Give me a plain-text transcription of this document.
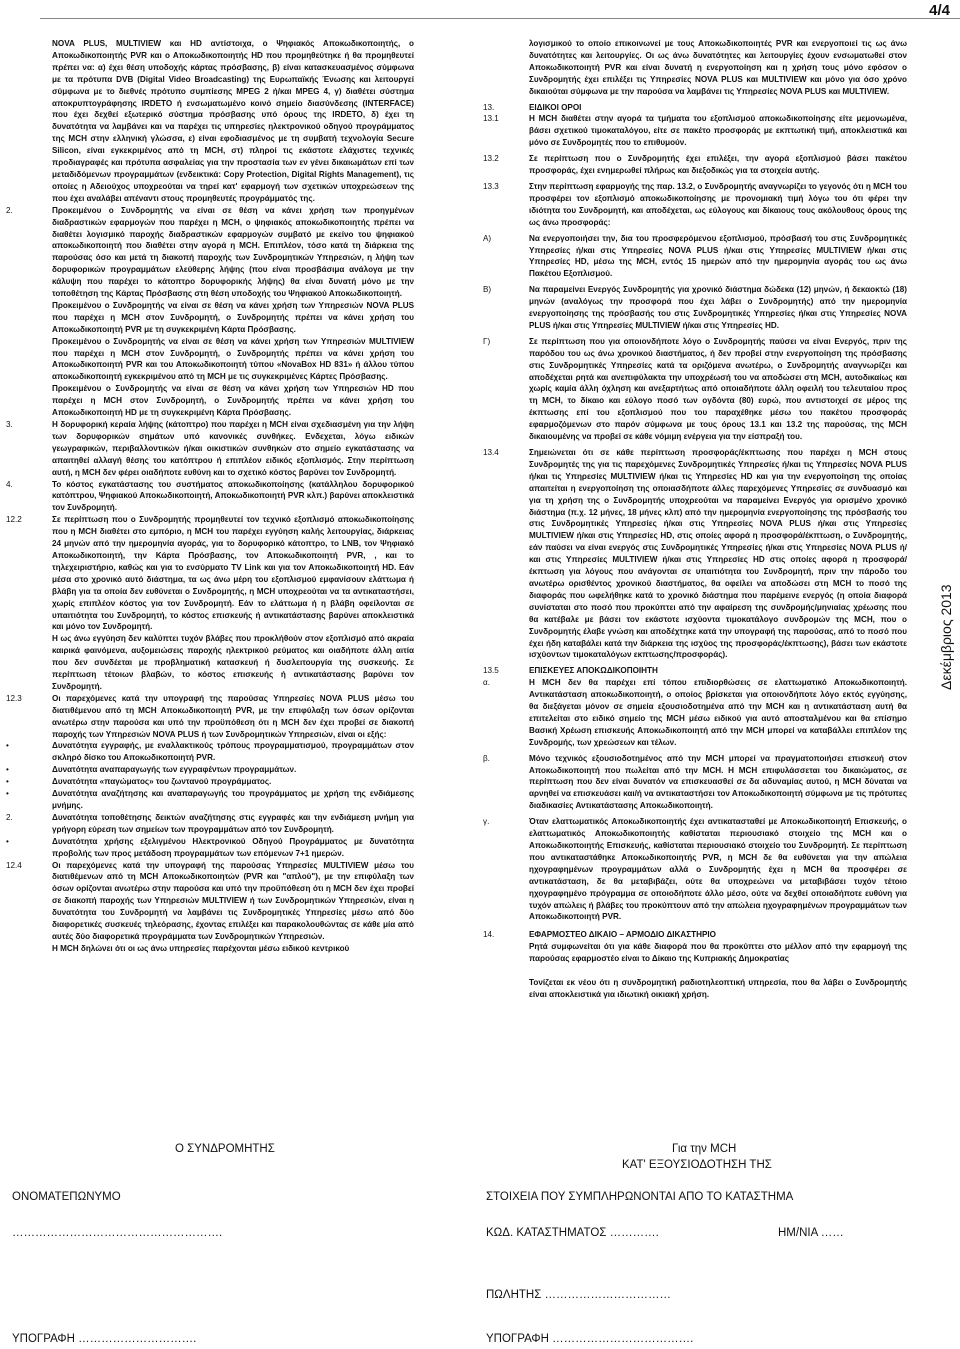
4/4
Δεκέμβριος 2013
NOVA PLUS, MULTIVIEW και HD αντίστοιχα, ο Ψηφιακός Αποκωδικοποιητής, ο Αποκωδικοποιητής PVR και ο Αποκωδικοποιητής HD που προμηθεύτηκε ή θα προμηθευτεί πρέπει να: α) έχει θέση υποδοχής κάρτας πρόσβασης, β) είναι κατασκευασμένος σύμφωνα με τα πρότυπα DVB (Digital Video Broadcasting) της Ευρωπαϊκής Ένωσης και λειτουργεί σύμφωνα με το διεθνές πρότυπο συμπίεσης MPEG 2 ή/και MPEG 4, γ) διαθέτει σύστημα αποκρυπτογράφησης IRDETO ή ενσωματωμένο κοινό σημείο διασύνδεσης (INTERFACE) που έχει δεχθεί εξωτερικό σύστημα πρόσβασης υπό όρους της IRDETO, δ) έχει τη δυνατότητα να λαμβάνει και να παρέχει τις υπηρεσίες ηλεκτρονικού οδηγού προγράμματος της MCH στην ελληνική γλώσσα, ε) είναι εφοδιασμένος με τη συμβατή τεχνολογία Secure Silicon, είναι εγκεκριμένος από τη MCH, στ) πληροί τις εκάστοτε ελάχιστες τεχνικές προδιαγραφές και πρότυπα ασφαλείας για την προστασία των εν γένει δικαιωμάτων επί των μεταδιδόμενων προγραμμάτων (ενδεικτικά: Copy Protection, Digital Rights Management), τις οποίες η Αδειούχος υποχρεούται να τηρεί κατ' εφαρμογή των σχετικών υποχρεώσεων της που έχει αναλάβει απέναντι στους προμηθευτές προγράμματός της.
2.	Προκειμένου ο Συνδρομητής να είναι σε θέση να κάνει χρήση των προηγμένων διαδραστικών εφαρμογών που παρέχει η MCH, ο ψηφιακός αποκωδικοποιητής πρέπει να διαθέτει λογισμικό παροχής διαδραστικών εφαρμογών συμβατό με εκείνο του ψηφιακού αποκωδικοποιητή που διαθέτει στην αγορά η MCH. Επιπλέον, τόσο κατά τη διάρκεια της παρούσας όσο και μετά τη διακοπή παροχής των Συνδρομητικών Υπηρεσιών, η λήψη των δορυφορικών προγραμμάτων ελεύθερης λήψης (που είναι προσβάσιμα ανάλογα με την κάλυψη που παρέχει το κάτοπτρο δορυφορικής λήψης) θα είναι δυνατή μόνο με την τοποθέτηση της Κάρτας Πρόσβασης στη θέση υποδοχής του Ψηφιακού Αποκωδικοποιητή.
Προκειμένου ο Συνδρομητής να είναι σε θέση να κάνει χρήση των Υπηρεσιών NOVA PLUS που παρέχει η MCH στον Συνδρομητή, ο Συνδρομητής πρέπει να κάνει χρήση του Αποκωδικοποιητή PVR με τη συγκεκριμένη Κάρτα Πρόσβασης.
Προκειμένου ο Συνδρομητής να είναι σε θέση να κάνει χρήση των Υπηρεσιών MULTIVIEW που παρέχει η MCH στον Συνδρομητή, ο Συνδρομητής πρέπει να κάνει χρήση του Αποκωδικοποιητή PVR και του Αποκωδικοποιητή τύπου «NovaBox HD 831» ή άλλου τύπου αποκωδικοποιητή εγκεκριμένου από τη MCH με τις συγκεκριμένες Κάρτες Πρόσβασης.
Προκειμένου ο Συνδρομητής να είναι σε θέση να κάνει χρήση των Υπηρεσιών HD που παρέχει η MCH στον Συνδρομητή, ο Συνδρομητής πρέπει να κάνει χρήση του Αποκωδικοποιητή HD με τη συγκεκριμένη Κάρτα Πρόσβασης.
3.	Η δορυφορική κεραία λήψης (κάτοπτρο) που παρέχει η MCH είναι σχεδιασμένη για την λήψη των δορυφορικών σημάτων υπό κανονικές συνθήκες. Ενδεχεται, λόγω ειδικών γεωγραφικών, περιβαλλοντικών ή/και οικιστικών συνθηκών στο σημείο εγκατάστασης να απαιτηθεί αλλαγή θέσης του κατόπτρου ή επιπλέον ειδικός εξοπλισμός. Στην περίπτωση αυτή, η MCH δεν φέρει οιαδήποτε ευθύνη και το σχετικό κόστος βαρύνει τον Συνδρομητή.
4.	Το κόστος εγκατάστασης του συστήματος αποκωδικοποίησης (κατάλληλου δορυφορικού κατόπτρου, Ψηφιακού Αποκωδικοποιητή, Αποκωδικοποιητή PVR κλπ.) βαρύνει αποκλειστικά τον Συνδρομητή.
12.2	Σε περίπτωση που ο Συνδρομητής προμηθευτεί τον τεχνικό εξοπλισμό αποκωδικοποίησης που η MCH διαθέτει στο εμπόριο, η MCH του παρέχει εγγύηση καλής λειτουργίας, διάρκειας 24 μηνών από την ημερομηνία αγοράς, για το δορυφορικό κάτοπτρο, το LNB, τον Ψηφιακό Αποκωδικοποιητή, την Κάρτα Πρόσβασης, τον Αποκωδικοποιητή PVR, , και το τηλεχειριστήριο, καθώς και για το ενσύρματο TV Link και για τον Αποκωδικοποιητή HD. Εάν μέσα στο χρονικό αυτό διάστημα, τα ως άνω μέρη του εξοπλισμού εμφανίσουν ελάττωμα ή βλάβη για τα οποία δεν ευθύνεται ο Συνδρομητής, η MCH υποχρεούται να τα αντικαταστήσει, χωρίς επιπλέον κόστος για τον Συνδρομητή. Εάν το ελάττωμα ή η βλάβη οφείλονται σε υπαιτιότητα του Συνδρομητή, το κόστος επισκευής ή αντικατάστασης βαρύνει αποκλειστικά και μόνο τον Συνδρομητή.
Η ως άνω εγγύηση δεν καλύπτει τυχόν βλάβες που προκλήθούν στον εξοπλισμό από ακραία καιρικά φαινόμενα, αυξομειώσεις παροχής ηλεκτρικού ρεύματος και οιαδήποτε άλλη αιτία που δεν συνδέεται με προβληματική κατασκευή ή δυσλειτουργία της συσκευής. Σε περίπτωση τέτοιων βλαβών, το κόστος επισκευής ή αντικατάστασης βαρύνει τον Συνδρομητή.
12.3	Οι παρεχόμενες κατά την υπογραφή της παρούσας Υπηρεσίες NOVA PLUS μέσω του διατιθέμενου από τη MCH Αποκωδικοποιητή PVR, με την επιφύλαξη των όσων ορίζονται ανωτέρω στην παρούσα και υπό την προϋπόθεση ότι η MCH δεν έχει προβεί σε διακοπή παροχής των Υπηρεσιών NOVA PLUS ή των Συνδρομητικών Υπηρεσιών, είναι οι εξής:
•
Δυνατότητα εγγραφής, με εναλλακτικούς τρόπους προγραμματισμού, προγραμμάτων στον σκληρό δίσκο του Αποκωδικοποιητή PVR.
•
Δυνατότητα αναπαραγωγής των εγγραφέντων προγραμμάτων.
•
Δυνατότητα «παγώματος» του ζωντανού προγράμματος.
•
Δυνατότητα αναζήτησης και αναπαραγωγής του προγράμματος με χρήση της ενδιάμεσης μνήμης.
2.	Δυνατότητα τοποθέτησης δεικτών αναζήτησης στις εγγραφές και την ενδιάμεση μνήμη για γρήγορη εύρεση των σημείων των προγραμμάτων από τον Συνδρομητή.
•
Δυνατότητα χρήσης εξελιγμένου Ηλεκτρονικού Οδηγού Προγράμματος με δυνατότητα προβολής των προς μετάδοση προγραμμάτων των επόμενων 7+1 ημερών.
12.4	Οι παρεχόμενες κατά την υπογραφή της παρούσας Υπηρεσίες MULTIVIEW μέσω του διατιθέμενων από τη MCH Αποκωδικοποιητών (PVR και "απλού"), με την επιφύλαξη των όσων ορίζονται ανωτέρω στην παρούσα και υπό την προϋπόθεση ότι η MCH δεν έχει προβεί σε διακοπή παροχής των Υπηρεσιών MULTIVIEW ή των Συνδρομητικών Υπηρεσιών, είναι η δυνατότητα του Συνδρομητή να λαμβάνει τις Συνδρομητικές Υπηρεσίες μέσω από δύο διαφορετικές συσκευές τηλεόρασης, έχοντας επιλέξει και παρακολουθώντας σε κάθε μία από αυτές δύο διαφορετικά προγράμματα των Συνδρομητικών Υπηρεσιών.
Η MCH δηλώνει ότι οι ως άνω υπηρεσίες παρέχονται μέσω ειδικού κεντρικού
λογισμικού το οποίο επικοινωνεί με τους Αποκωδικοποιητές PVR και ενεργοποιεί τις ως άνω δυνατότητες και λειτουργίες. Οι ως άνω δυνατότητες και λειτουργίες έχουν ενσωματωθεί στον Αποκωδικοποιητή PVR και είναι δυνατή η ενεργοποίηση και η χρήση τους μόνο εφόσον ο Συνδρομητής έχει επιλέξει τις Υπηρεσίες NOVA PLUS και MULTIVIEW και μόνο για όσο χρόνο δικαιούται σύμφωνα με την παρούσα να λαμβάνει τις Υπηρεσίες NOVA PLUS και MULTIVIEW.
13.	ΕΙΔΙΚΟΙ ΟΡΟΙ
13.1	Η MCH διαθέτει στην αγορά τα τμήματα του εξοπλισμού αποκωδικοποίησης είτε μεμονωμένα, βάσει σχετικού τιμοκαταλόγου, είτε σε πακέτο προσφοράς με εκπτωτική τιμή, αποκλειστικά και μόνο σε Συνδρομητές που το επιθυμούν.
13.2	Σε περίπτωση που ο Συνδρομητής έχει επιλέξει, την αγορά εξοπλισμού βάσει πακέτου προσφοράς, έχει ενημερωθεί πλήρως και διεξοδικώς για τα στοιχεία αυτής.
13.3	Στην περίπτωση εφαρμογής της παρ. 13.2, ο Συνδρομητής αναγνωρίζει το γεγονός ότι η MCH του προσφέρει τον εξοπλισμό αποκωδικοποίησης με προνομιακή τιμή λόγω του ότι φέρει την ιδιότητα του Συνδρομητή, και αποδέχεται, ως εύλογους και δίκαιους τους ακόλουθους όρους της ως άνω προσφοράς:
Α)	Να ενεργοποιήσει την, δια του προσφερόμενου εξοπλισμού, πρόσβασή του στις Συνδρομητικές Υπηρεσίες ή/και στις Υπηρεσίες NOVA PLUS ή/και στις Υπηρεσίες MULTIVIEW ή/και στις Υπηρεσίες HD, μέσω της MCH, εντός 15 ημερών από την ημερομηνία αγοράς του ως άνω Πακέτου Εξοπλισμού.
Β)	Να παραμείνει Ενεργός Συνδρομητής για χρονικό διάστημα δώδεκα (12) μηνών, ή δεκαοκτώ (18) μηνών (αναλόγως την προσφορά που έχει λάβει ο Συνδρομητής) από την ημερομηνία ενεργοποίησης της πρόσβασής του στις Συνδρομητικές Υπηρεσίες ή/και στις Υπηρεσίες NOVA PLUS ή/και στις Υπηρεσίες MULTIVIEW ή/και στις Υπηρεσίες HD.
Γ)	Σε περίπτωση που για οποιονδήποτε λόγο ο Συνδρομητής παύσει να είναι Ενεργός, πριν της παρόδου του ως άνω χρονικού διαστήματος, ή δεν προβεί στην ενεργοποίηση της πρόσβασης στις Συνδρομητικές Υπηρεσίες κατά τα οριζόμενα ανωτέρω, ο Συνδρομητής αναγνωρίζει και αποδέχεται ρητά και ανεπιφύλακτα την υποχρέωσή του να αποδώσει στη MCH, αυτοδικαίως και χωρίς καμία άλλη όχληση και ανεξαρτήτως από οποιαδήποτε άλλη οφειλή του τελευταίου προς τη MCH, το δίκαιο και εύλογο ποσό των ογδόντα (80) ευρώ, που αντιστοιχεί σε μέρος της έκπτωσης επί του εξοπλισμού που του παραχέθηκε μέσω του πακέτου προσφοράς εφαρμοζόμενων στο παρόν σύμφωνα με τους όρους 13.1 και 13.2 της παρούσας, της MCH δικαιουμένης να προβεί σε κάθε νόμιμη ενέργεια για την είσπραξή του.
13.4	Σημειώνεται ότι σε κάθε περίπτωση προσφοράς/έκπτωσης που παρέχει η MCH στους Συνδρομητές της για τις παρεχόμενες Συνδρομητικές Υπηρεσίες ή/και τις Υπηρεσίες NOVA PLUS ή/και τις Υπηρεσίες MULTIVIEW ή/και τις Υπηρεσίες HD και για την ενεργοποίηση της οποίας απαιτείται η ενεργοποίηση της οποιασδήποτε άλλες παρεχόμενες Υπηρεσίες σε συνδυασμό και για τη χρήση της ο Συνδρομητής υποχρεούται να παραμείνει Ενεργός για ορισμένο χρονικό διάστημα (π.χ. 12 μήνες, 18 μήνες κλπ) από την ημερομηνία ενεργοποίησης της πρόσβασής του στις Συνδρομητικές Υπηρεσίες ή/και στις Υπηρεσίες NOVA PLUS ή/και στις Υπηρεσίες MULTIVIEW ή/και στις Υπηρεσίες HD, στις οποίες αφορά η προσφορά/έκπτωση, ο Συνδρομητής, εάν παύσει να είναι ενεργός στις Συνδρομητικές Υπηρεσίες ή/και στις Υπηρεσίες NOVA PLUS ή/και στις Υπηρεσίες MULTIVIEW ή/και στις Υπηρεσίες HD στις οποίες αφορά η προσφορά/έκπτωση για λόγους που ανάγονται σε υπαιτιότητα του Συνδρομητή, πριν την πάροδο του ανωτέρω ορισθέντος χρονικού διαστήματος, θα οφείλει να αποδώσει στη MCH το ποσό της διαφοράς που ωφελήθηκε κατά το χρονικό διάστημα που παρέμεινε ενεργός (η οποία διαφορά συνίσταται στο ποσό που προκύπτει από την αφαίρεση της συνδρομής/μηνιαίας χρέωσης που θα κατέβαλε με βάσει τον εκάστοτε ισχύοντα τιμοκατάλογο συνδρομών της MCH, που ο Συνδρομητής έλαβε γνώση και αποδέχτηκε κατά την υπογραφή της παρούσας, από το ποσό που έχει ήδη καταβάλει κατά την διάρκεια της ισχύος της προσφοράς/έκπτωσης), βάσει των εκάστοτε ισχύοντων τιμοκαταλόγων εκπτωσης/προσφοράς).
13.5	ΕΠΙΣΚΕΥΕΣ ΑΠΟΚΩΔΙΚΟΠΟΙΗΤΗ
α.	Η MCH δεν θα παρέχει επί τόπου επιδιορθώσεις σε ελαττωματικό Αποκωδικοποιητή. Αντικατάσταση αποκωδικοποιητή, ο οποίος βρίσκεται για οποιονδήποτε λόγο εκτός εγγύησης, θα διεξάγεται μόνον σε σημεία εξουσιοδοτημένα από την MCH και η αντικατάσταση αυτή θα επιτελείται στο ειδικό σημείο της MCH μέσω ειδικού για αυτό αποσταλμένου και θα επίσημο Βασική Χρέωση επισκευής Αποκωδικοποιητή από την MCH μπορεί να καταβάλλει επιπλέον της Συνδρομής, των χρεώσεων και τέλων.
β.	Μόνο τεχνικός εξουσιοδοτημένος από την MCH μπορεί να πραγματοποιήσει επισκευή στον Αποκωδικοποιητή που πωλείται από την MCH. Η MCH επιφυλάσσεται του δικαιώματος, σε περίπτωση που δεν είναι δυνατόν να επισκευασθεί σε δα αδυναμίας αυτού, η ΜCΗ δύναται να αρνηθεί να επισκευάσει και/ή να αντικαταστήσει τον Αποκωδικοποιητή σύμφωνα με τις πρότυπες διαδικασίες Αντικατάστασης Αποκωδικοποιητή.
γ.	Όταν ελαττωματικός Αποκωδικοποιητής έχει αντικατασταθεί με Αποκωδικοποιητή Επισκευής, ο ελαττωματικός Αποκωδικοποιητής καθίσταται περιουσιακό στοιχείο της MCH και ο Αποκωδικοποιητής Επισκευής, καθίσταται περιουσιακό στοιχείο του Συνδρομητή. Σε περίπτωση που αντικαταστάθηκε Αποκωδικοποιητής PVR, η MCH δε θα ευθύνεται για την απώλεια ηχογραφημένων προγραμμάτων αλλά ο Συνδρομητής έχει η MCH θα προσφέρει σε αντικατάσταση, δε θα μεταβιβάζει, ούτε θα υποχρεώνει να μεταβιβάσει τυχόν τέτοιο ηχογραφημένο πρόγραμμα σε οποιοδήποτε άλλο μέσο, ούτε να δεχθεί οποιαδήποτε ευθύνη για τυχόν απώλεις ή βλάβες του προκύπτουν από την απώλεια ηχογραφημένων προγραμμάτων των Αποκωδικοποιητή PVR.
14.	ΕΦΑΡΜΟΣΤΕΟ ΔΙΚΑΙΟ – ΑΡΜΟΔΙΟ ΔΙΚΑΣΤΗΡΙΟ
Ρητά συμφωνείται ότι για κάθε διαφορά που θα προκύπτει στο μέλλον από την εφαρμογή της παρούσας εφαρμοστέο είναι το Δίκαιο της Κυπριακής Δημοκρατίας
Τονίζεται εκ νέου ότι η συνδρομητική ραδιοτηλεοπτική υπηρεσία, που θα λάβει ο Συνδρομητής είναι αποκλειστικά για ιδιωτική οικιακή χρήση.
Ο ΣΥΝΔΡΟΜΗΤΗΣ	Για την MCH
ΚΑΤ' ΕΞΟΥΣΙΟΔΟΤΗΣΗ ΤΗΣ
ΟΝΟΜΑΤΕΠΩΝΥΜΟ	ΣΤΟΙΧΕΙΑ ΠΟΥ ΣΥΜΠΛΗΡΩΝΟΝΤΑΙ ΑΠΟ ΤΟ ΚΑΤΑΣΤΗΜΑ
……………………………………………….	ΚΩΔ. ΚΑΤΑΣΤΗΜΑΤΟΣ ………….	ΗΜ/ΝΙΑ ……
ΠΩΛΗΤΗΣ ……………………………
ΥΠΟΓΡΑΦΗ ………………………….	ΥΠΟΓΡΑΦΗ ……………………………….
